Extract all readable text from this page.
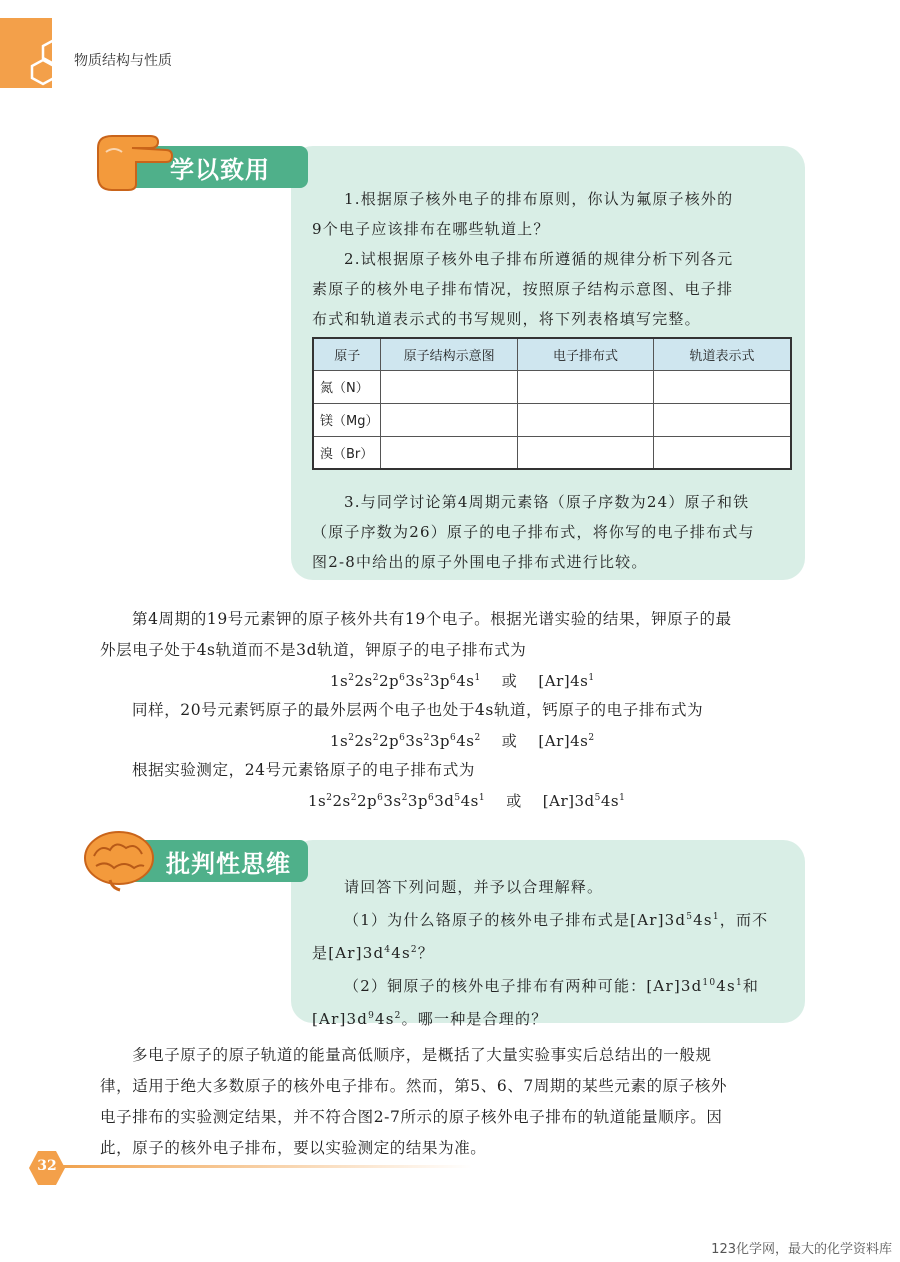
物质结构与性质
学以致用
1.根据原子核外电子的排布原则，你认为氟原子核外的
9个电子应该排布在哪些轨道上？
2.试根据原子核外电子排布所遵循的规律分析下列各元
素原子的核外电子排布情况，按照原子结构示意图、电子排
布式和轨道表示式的书写规则，将下列表格填写完整。
原子	原子结构示意图	电子排布式	轨道表示式
氮（N）			
镁（Mg）			
溴（Br）			
3.与同学讨论第4周期元素铬（原子序数为24）原子和铁
（原子序数为26）原子的电子排布式，将你写的电子排布式与
图2-8中给出的原子外围电子排布式进行比较。
第4周期的19号元素钾的原子核外共有19个电子。根据光谱实验的结果，钾原子的最
外层电子处于4s轨道而不是3d轨道，钾原子的电子排布式为
$1s^22s^22p^63s^23p^64s^1$ 或    $[Ar]4s^1$
同样，20号元素钙原子的最外层两个电子也处于4s轨道，钙原子的电子排布式为
$1s^22s^22p^63s^23p^64s^2$ 或    $[Ar]4s^2$
根据实验测定，24号元素铬原子的电子排布式为
$1s^22s^22p^63s^23p^63d^54s^1$ 或    $[Ar]3d^54s^1$
批判性思维
请回答下列问题，并予以合理解释。
（1）为什么铬原子的核外电子排布式是$[Ar]3d^54s^1$，而不
是$[Ar]3d^44s^2$？
（2）铜原子的核外电子排布有两种可能：$[Ar]3d^{10}4s^1$和
$[Ar]3d^94s^2$。哪一种是合理的？
多电子原子的原子轨道的能量高低顺序，是概括了大量实验事实后总结出的一般规
律，适用于绝大多数原子的核外电子排布。然而，第5、6、7周期的某些元素的原子核外
电子排布的实验测定结果，并不符合图2-7所示的原子核外电子排布的轨道能量顺序。因
此，原子的核外电子排布，要以实验测定的结果为准。
32
123化学网，最大的化学资料库
